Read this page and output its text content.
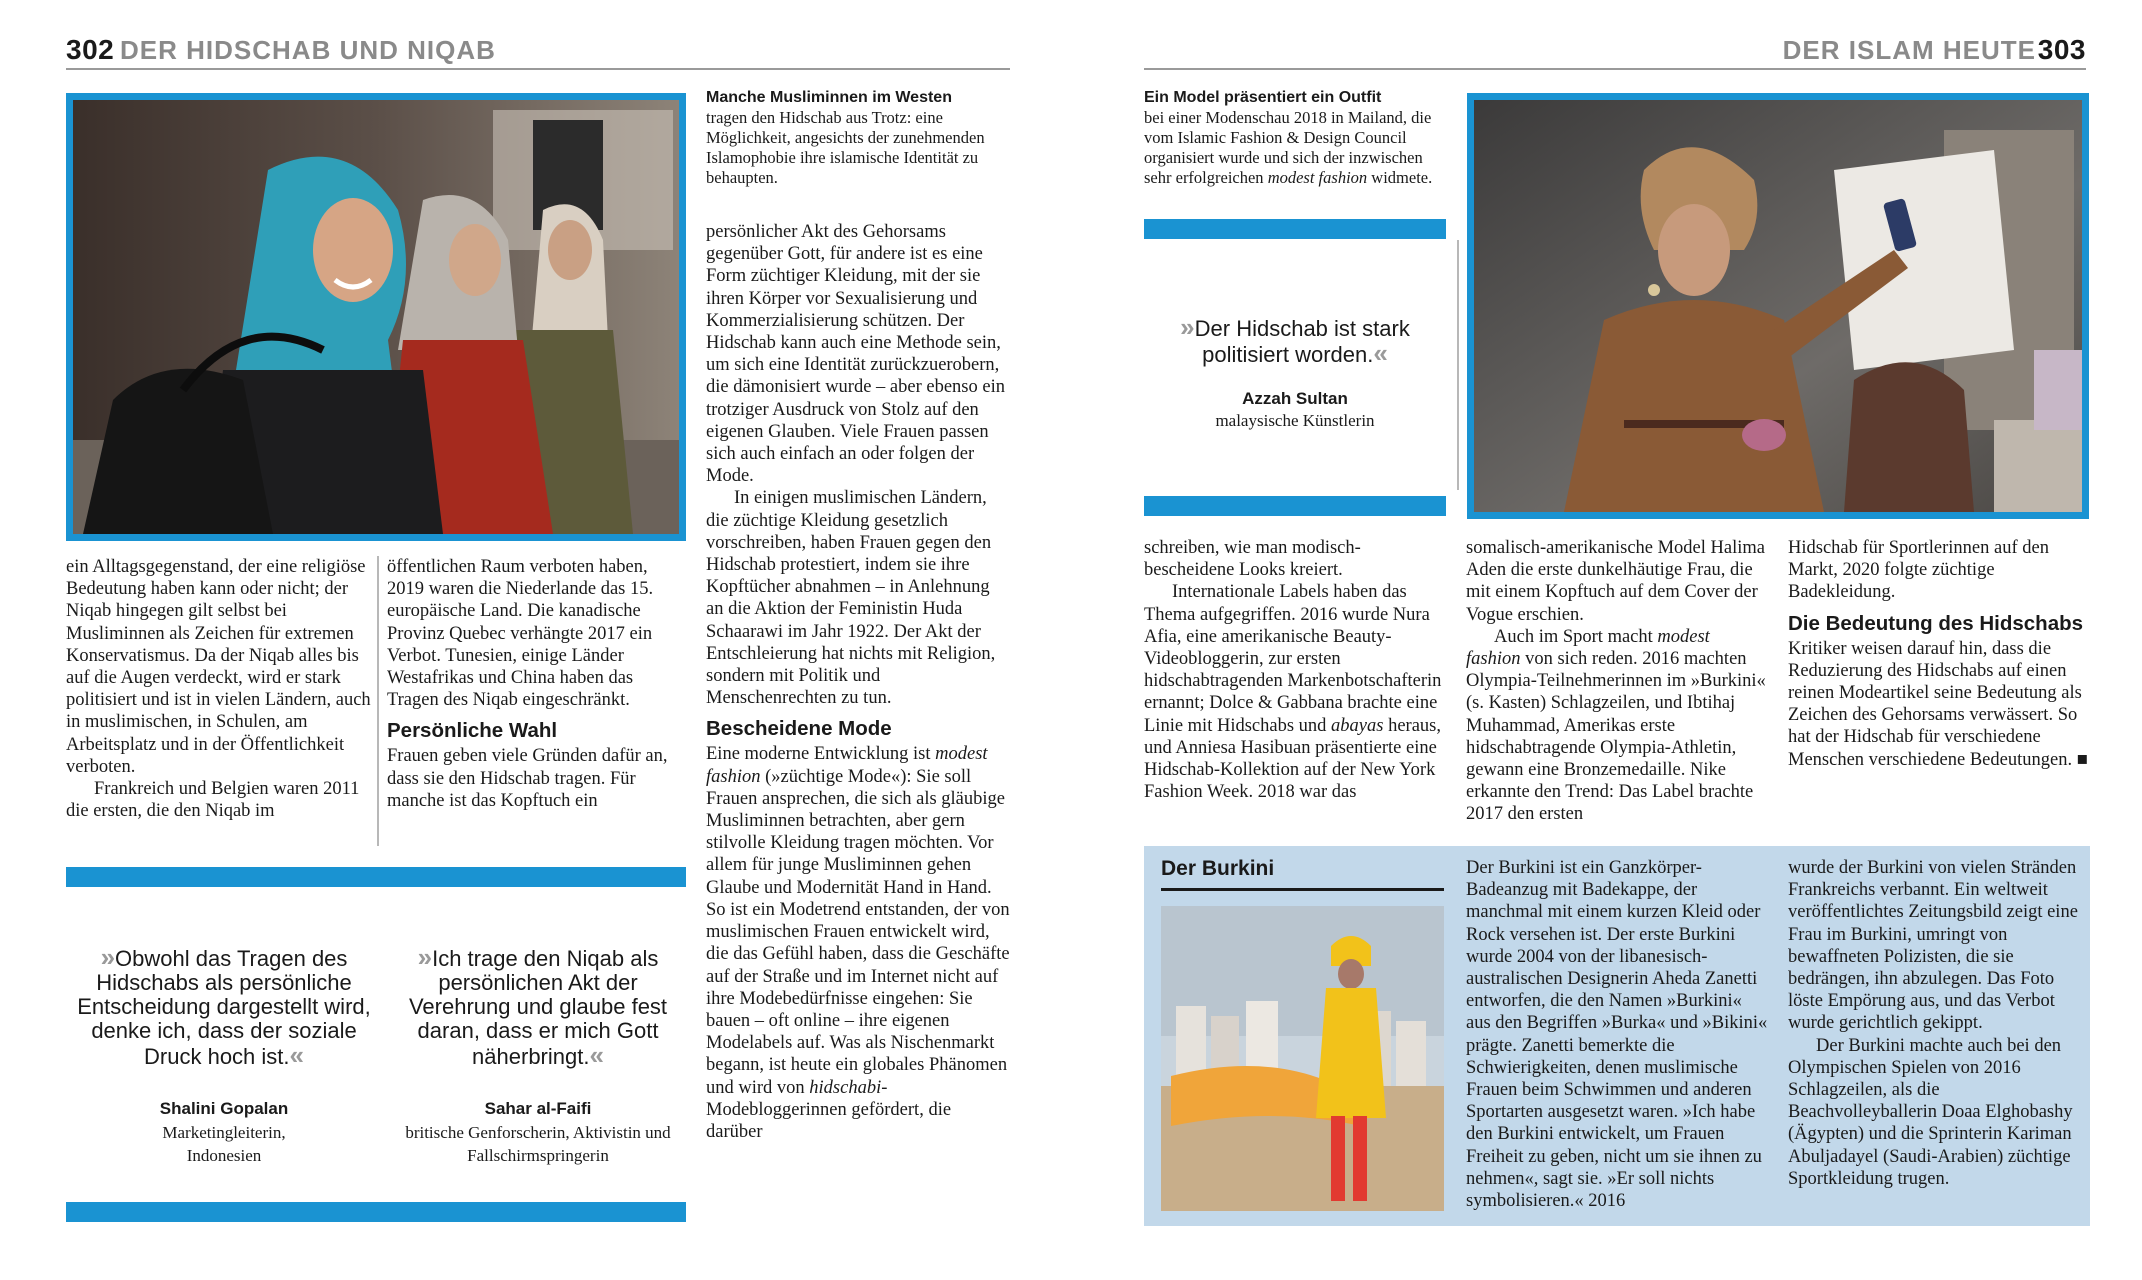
302 DER HIDSCHAB UND NIQAB
Manche Musliminnen im Westen
tragen den Hidschab aus Trotz: eine Möglichkeit, angesichts der zunehmenden Islamophobie ihre islamische Identität zu behaupten.

ein Alltagsgegenstand, der eine religiöse Bedeutung haben kann oder nicht; der Niqab hingegen gilt selbst bei Musliminnen als Zeichen für extremen Konservatismus. Da der Niqab alles bis auf die Augen verdeckt, wird er stark politisiert und ist in vielen Ländern, auch in muslimischen, in Schulen, am Arbeitsplatz und in der Öffentlichkeit verboten.

Frankreich und Belgien waren 2011 die ersten, die den Niqab im

öffentlichen Raum verboten haben, 2019 waren die Niederlande das 15. europäische Land. Die kanadische Provinz Quebec verhängte 2017 ein Verbot. Tunesien, einige Länder Westafrikas und China haben das Tragen des Niqab eingeschränkt.

Persönliche Wahl

Frauen geben viele Gründen dafür an, dass sie den Hidschab tragen. Für manche ist das Kopftuch ein

»Obwohl das Tragen des Hidschabs als persönliche Entscheidung dargestellt wird, denke ich, dass der soziale Druck hoch ist.«
Shalini Gopalan
Marketingleiterin, Indonesien
»Ich trage den Niqab als persönlichen Akt der Verehrung und glaube fest daran, dass er mich Gott näherbringt.«
Sahar al-Faifi
britische Genforscherin, Aktivistin und Fallschirmspringerin

persönlicher Akt des Gehorsams gegenüber Gott, für andere ist es eine Form züchtiger Kleidung, mit der sie ihren Körper vor Sexualisierung und Kommerzialisierung schützen. Der Hidschab kann auch eine Methode sein, um sich eine Identität zurückzuerobern, die dämonisiert wurde – aber ebenso ein trotziger Ausdruck von Stolz auf den eigenen Glauben. Viele Frauen passen sich auch einfach an oder folgen der Mode.

In einigen muslimischen Ländern, die züchtige Kleidung gesetzlich vorschreiben, haben Frauen gegen den Hidschab protestiert, indem sie ihre Kopftücher abnahmen – in Anlehnung an die Aktion der Feministin Huda Schaarawi im Jahr 1922. Der Akt der Entschleierung hat nichts mit Religion, sondern mit Politik und Menschenrechten zu tun.

Bescheidene Mode

Eine moderne Entwicklung ist modest fashion (»züchtige Mode«): Sie soll Frauen ansprechen, die sich als gläubige Musliminnen betrachten, aber gern stilvolle Kleidung tragen möchten. Vor allem für junge Musliminnen gehen Glaube und Modernität Hand in Hand. So ist ein Modetrend entstanden, der von muslimischen Frauen entwickelt wird, die das Gefühl haben, dass die Geschäfte auf der Straße und im Internet nicht auf ihre Modebedürfnisse eingehen: Sie bauen – oft online – ihre eigenen Modelabels auf. Was als Nischenmarkt begann, ist heute ein globales Phänomen und wird von hidschabi-Modebloggerinnen gefördert, die darüber

DER ISLAM HEUTE 303
Ein Model präsentiert ein Outfit
bei einer Modenschau 2018 in Mailand, die vom Islamic Fashion & Design Council organisiert wurde und sich der inzwischen sehr erfolgreichen modest fashion widmete.
»Der Hidschab ist stark politisiert worden.«
Azzah Sultan
malaysische Künstlerin

schreiben, wie man modisch-bescheidene Looks kreiert.

Internationale Labels haben das Thema aufgegriffen. 2016 wurde Nura Afia, eine amerikanische Beauty-Videobloggerin, zur ersten hidschabtragenden Markenbotschafterin ernannt; Dolce & Gabbana brachte eine Linie mit Hidschabs und abayas heraus, und Anniesa Hasibuan präsentierte eine Hidschab-Kollektion auf der New York Fashion Week. 2018 war das

somalisch-amerikanische Model Halima Aden die erste dunkelhäutige Frau, die mit einem Kopftuch auf dem Cover der Vogue erschien.

Auch im Sport macht modest fashion von sich reden. 2016 machten Olympia-Teilnehmerinnen im »Burkini« (s. Kasten) Schlagzeilen, und Ibtihaj Muhammad, Amerikas erste hidschabtragende Olympia-Athletin, gewann eine Bronzemedaille. Nike erkannte den Trend: Das Label brachte 2017 den ersten

Hidschab für Sportlerinnen auf den Markt, 2020 folgte züchtige Badekleidung.

Die Bedeutung des Hidschabs

Kritiker weisen darauf hin, dass die Reduzierung des Hidschabs auf einen reinen Modeartikel seine Bedeutung als Zeichen des Gehorsams verwässert. So hat der Hidschab für verschiedene Menschen verschiedene Bedeutungen. ■

Der Burkini	Der Burkini ist ein Ganzkörper-Badeanzug mit Badekappe, der manchmal mit einem kurzen Kleid oder Rock versehen ist. Der erste Burkini wurde 2004 von der libanesisch-australischen Designerin Aheda Zanetti entworfen, die den Namen »Burkini« aus den Begriffen »Burka« und »Bikini« prägte. Zanetti bemerkte die Schwierigkeiten, denen muslimische Frauen beim Schwimmen und anderen Sportarten ausgesetzt waren. »Ich habe den Burkini entwickelt, um Frauen Freiheit zu geben, nicht um sie ihnen zu nehmen«, sagt sie. »Er soll nichts symbolisieren.« 2016

wurde der Burkini von vielen Stränden Frankreichs verbannt. Ein weltweit veröffentlichtes Zeitungsbild zeigt eine Frau im Burkini, umringt von bewaffneten Polizisten, die sie bedrängen, ihn abzulegen. Das Foto löste Empörung aus, und das Verbot wurde gerichtlich gekippt.

Der Burkini machte auch bei den Olympischen Spielen von 2016 Schlagzeilen, als die Beachvolleyballerin Doaa Elghobashy (Ägypten) und die Sprinterin Kariman Abuljadayel (Saudi-Arabien) züchtige Sportkleidung trugen.
